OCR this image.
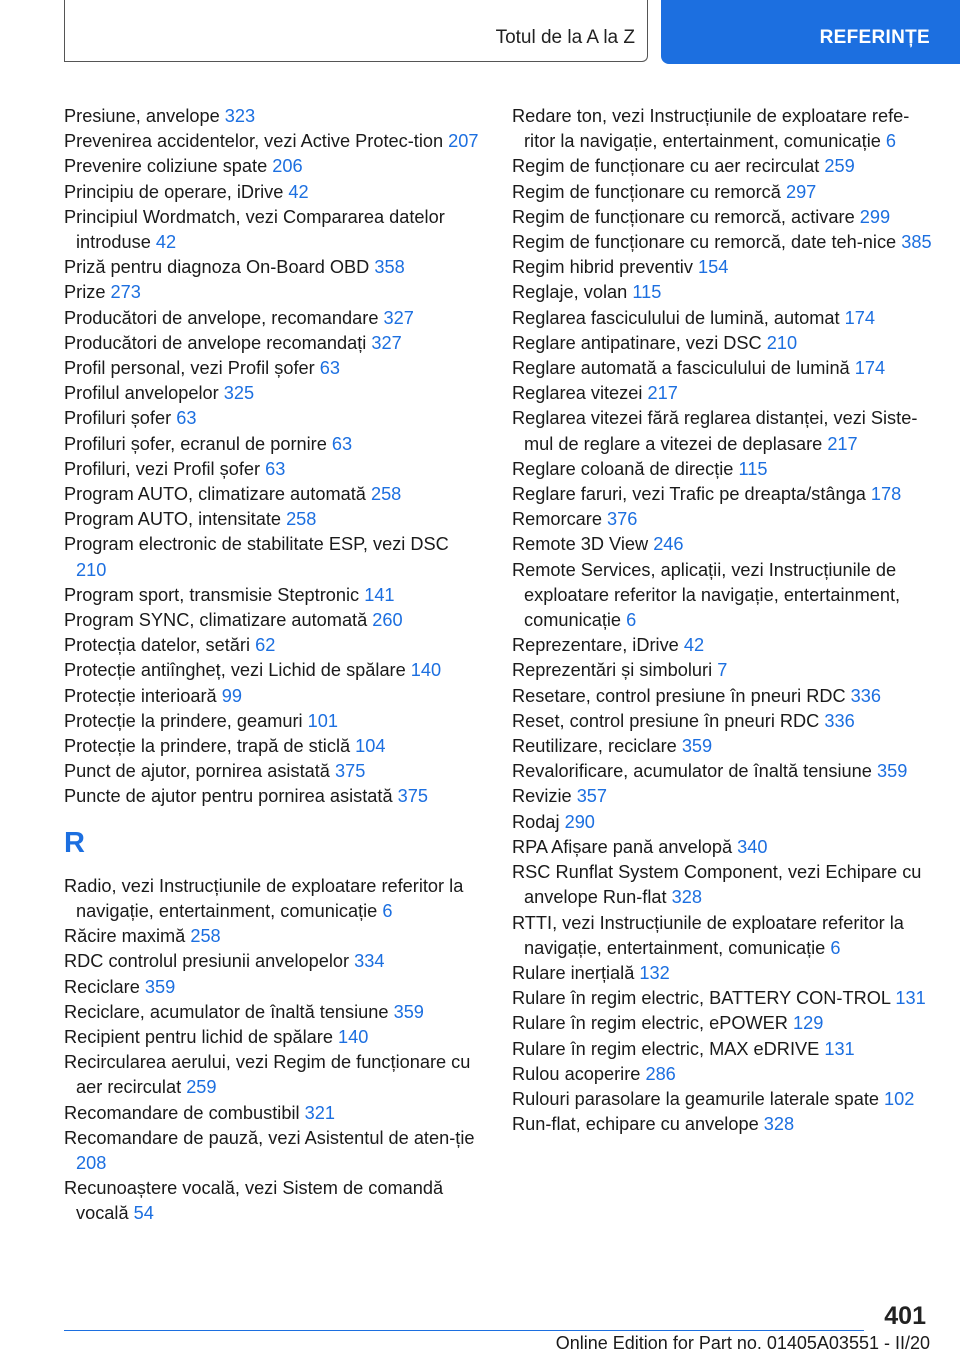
Totul de la A la Z	REFERINȚE
Presiune, anvelope 323
Prevenirea accidentelor, vezi Active Protec-tion 207
Prevenire coliziune spate 206
Principiu de operare, iDrive 42
Principiul Wordmatch, vezi Compararea datelor introduse 42
Priză pentru diagnoza On-Board OBD 358
Prize 273
Producători de anvelope, recomandare 327
Producători de anvelope recomandați 327
Profil personal, vezi Profil șofer 63
Profilul anvelopelor 325
Profiluri șofer 63
Profiluri șofer, ecranul de pornire 63
Profiluri, vezi Profil șofer 63
Program AUTO, climatizare automată 258
Program AUTO, intensitate 258
Program electronic de stabilitate ESP, vezi DSC 210
Program sport, transmisie Steptronic 141
Program SYNC, climatizare automată 260
Protecția datelor, setări 62
Protecție antiîngheț, vezi Lichid de spălare 140
Protecție interioară 99
Protecție la prindere, geamuri 101
Protecție la prindere, trapă de sticlă 104
Punct de ajutor, pornirea asistată 375
Puncte de ajutor pentru pornirea asistată 375
R
Radio, vezi Instrucțiunile de exploatare referitor la navigație, entertainment, comunicație 6
Răcire maximă 258
RDC controlul presiunii anvelopelor 334
Reciclare 359
Reciclare, acumulator de înaltă tensiune 359
Recipient pentru lichid de spălare 140
Recircularea aerului, vezi Regim de funcționare cu aer recirculat 259
Recomandare de combustibil 321
Recomandare de pauză, vezi Asistentul de aten-ție 208
Recunoaștere vocală, vezi Sistem de comandă vocală 54
Redare ton, vezi Instrucțiunile de exploatare refe-ritor la navigație, entertainment, comunicație 6
Regim de funcționare cu aer recirculat 259
Regim de funcționare cu remorcă 297
Regim de funcționare cu remorcă, activare 299
Regim de funcționare cu remorcă, date teh-nice 385
Regim hibrid preventiv 154
Reglaje, volan 115
Reglarea fasciculului de lumină, automat 174
Reglare antipatinare, vezi DSC 210
Reglare automată a fasciculului de lumină 174
Reglarea vitezei 217
Reglarea vitezei fără reglarea distanței, vezi Siste-mul de reglare a vitezei de deplasare 217
Reglare coloană de direcție 115
Reglare faruri, vezi Trafic pe dreapta/stânga 178
Remorcare 376
Remote 3D View 246
Remote Services, aplicații, vezi Instrucțiunile de exploatare referitor la navigație, entertainment, comunicație 6
Reprezentare, iDrive 42
Reprezentări și simboluri 7
Resetare, control presiune în pneuri RDC 336
Reset, control presiune în pneuri RDC 336
Reutilizare, reciclare 359
Revalorificare, acumulator de înaltă tensiune 359
Revizie 357
Rodaj 290
RPA Afișare pană anvelopă 340
RSC Runflat System Component, vezi Echipare cu anvelope Run-flat 328
RTTI, vezi Instrucțiunile de exploatare referitor la navigație, entertainment, comunicație 6
Rulare inerțială 132
Rulare în regim electric, BATTERY CON-TROL 131
Rulare în regim electric, ePOWER 129
Rulare în regim electric, MAX eDRIVE 131
Rulou acoperire 286
Rulouri parasolare la geamurile laterale spate 102
Run-flat, echipare cu anvelope 328
401
Online Edition for Part no. 01405A03551 - II/20
